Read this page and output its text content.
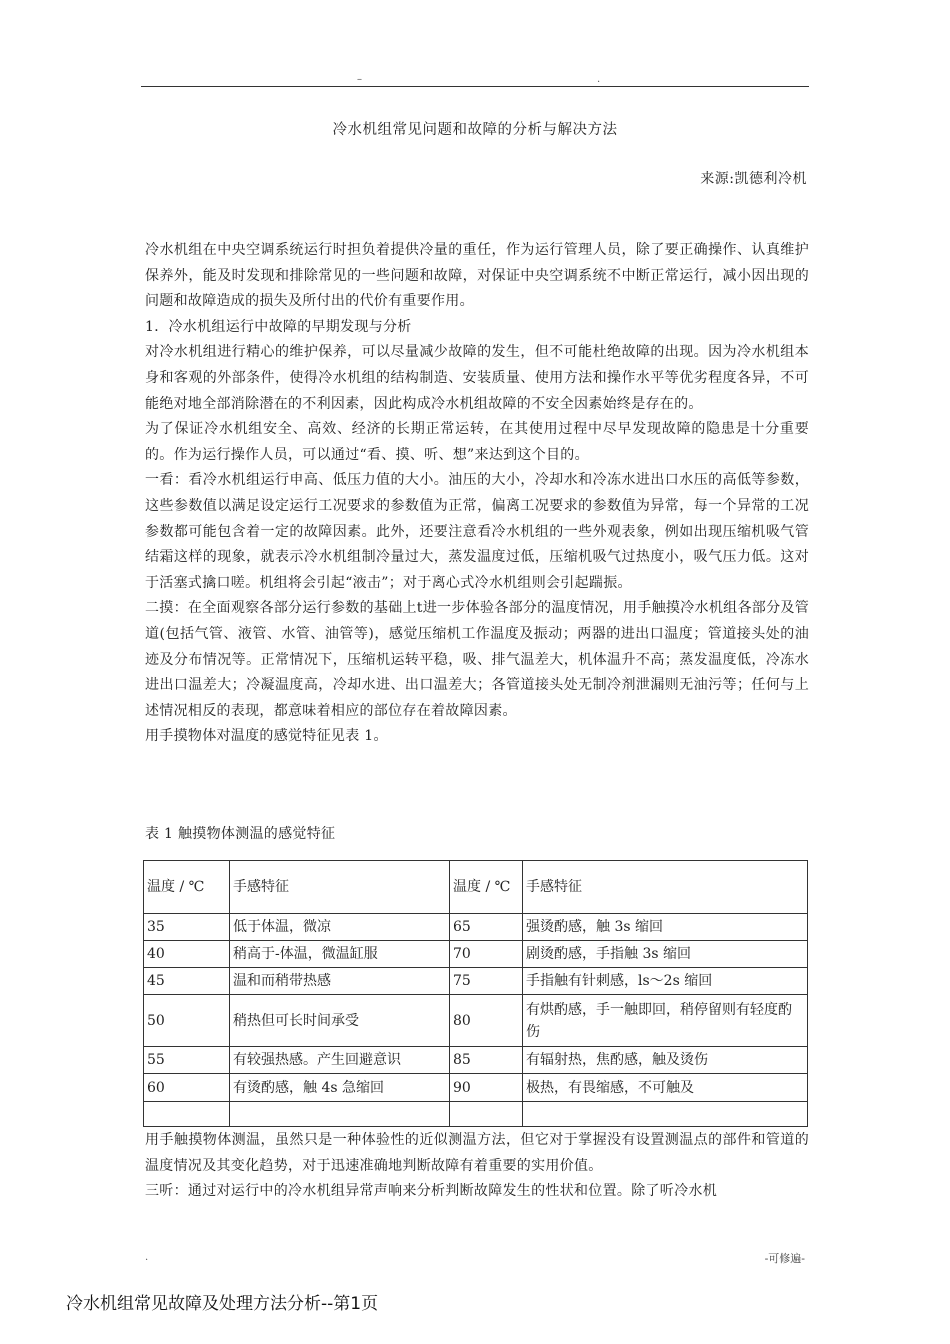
–	.
冷水机组常见问题和故障的分析与解决方法
来源:凯德利冷机

冷水机组在中央空调系统运行时担负着提供冷量的重任，作为运行管理人员，除了要正确操作、认真维护保养外，能及时发现和排除常见的一些问题和故障，对保证中央空调系统不中断正常运行，减小因出现的问题和故障造成的损失及所付出的代价有重要作用。

1．冷水机组运行中故障的早期发现与分析

对冷水机组进行精心的维护保养，可以尽量减少故障的发生，但不可能杜绝故障的出现。因为冷水机组本身和客观的外部条件，使得冷水机组的结构制造、安装质量、使用方法和操作水平等优劣程度各异，不可能绝对地全部消除潜在的不利因素，因此构成冷水机组故障的不安全因素始终是存在的。

为了保证冷水机组安全、高效、经济的长期正常运转，在其使用过程中尽早发现故障的隐患是十分重要的。作为运行操作人员，可以通过“看、摸、听、想”来达到这个目的。

一看：看冷水机组运行申高、低压力值的大小。油压的大小，冷却水和冷冻水进出口水压的高低等参数，这些参数值以满足设定运行工况要求的参数值为正常，偏离工况要求的参数值为异常，每一个异常的工况参数都可能包含着一定的故障因素。此外，还要注意看冷水机组的一些外观表象，例如出现压缩机吸气管结霜这样的现象，就表示冷水机组制冷量过大，蒸发温度过低，压缩机吸气过热度小，吸气压力低。这对于活塞式擒口嗟。机组将会引起“液击”；对于离心式冷水机组则会引起踹振。

二摸：在全面观察各部分运行参数的基础上t进一步体验各部分的温度情况，用手触摸冷水机组各部分及管道(包括气管、液管、水管、油管等)，感觉压缩机工作温度及振动；两器的进出口温度；管道接头处的油迹及分布情况等。正常情况下，压缩机运转平稳，吸、排气温差大，机体温升不高；蒸发温度低，冷冻水进出口温差大；冷凝温度高，冷却水进、出口温差大；各管道接头处无制冷剂泄漏则无油污等；任何与上述情况相反的表现，都意味着相应的部位存在着故障因素。

用手摸物体对温度的感觉特征见表 1。

表 1 触摸物体测温的感觉特征
温度 / ℃	手感特征	温度 / ℃	手感特征
35	低于体温，微凉	65	强烫酌感，触 3s 缩回
40	稍高于-体温，微温缸服	70	剧烫酌感，手指触 3s 缩回
45	温和而稍带热感	75	手指触有针刺感，ls～2s 缩回
50	稍热但可长时间承受	80	有烘酌感，手一触即回，稍停留则有轻度酌伤
55	有较强热感。产生回避意识	85	有辐射热，焦酌感，触及烫伤
60	有烫酌感，触 4s 急缩回	90	极热，有畏缩感，不可触及

用手触摸物体测温，虽然只是一种体验性的近似测温方法，但它对于掌握没有设置测温点的部件和管道的温度情况及其变化趋势，对于迅速准确地判断故障有着重要的实用价值。

三听：通过对运行中的冷水机组异常声响来分析判断故障发生的性状和位置。除了听冷水机

.	-可修遍-
冷水机组常见故障及处理方法分析--第1页
